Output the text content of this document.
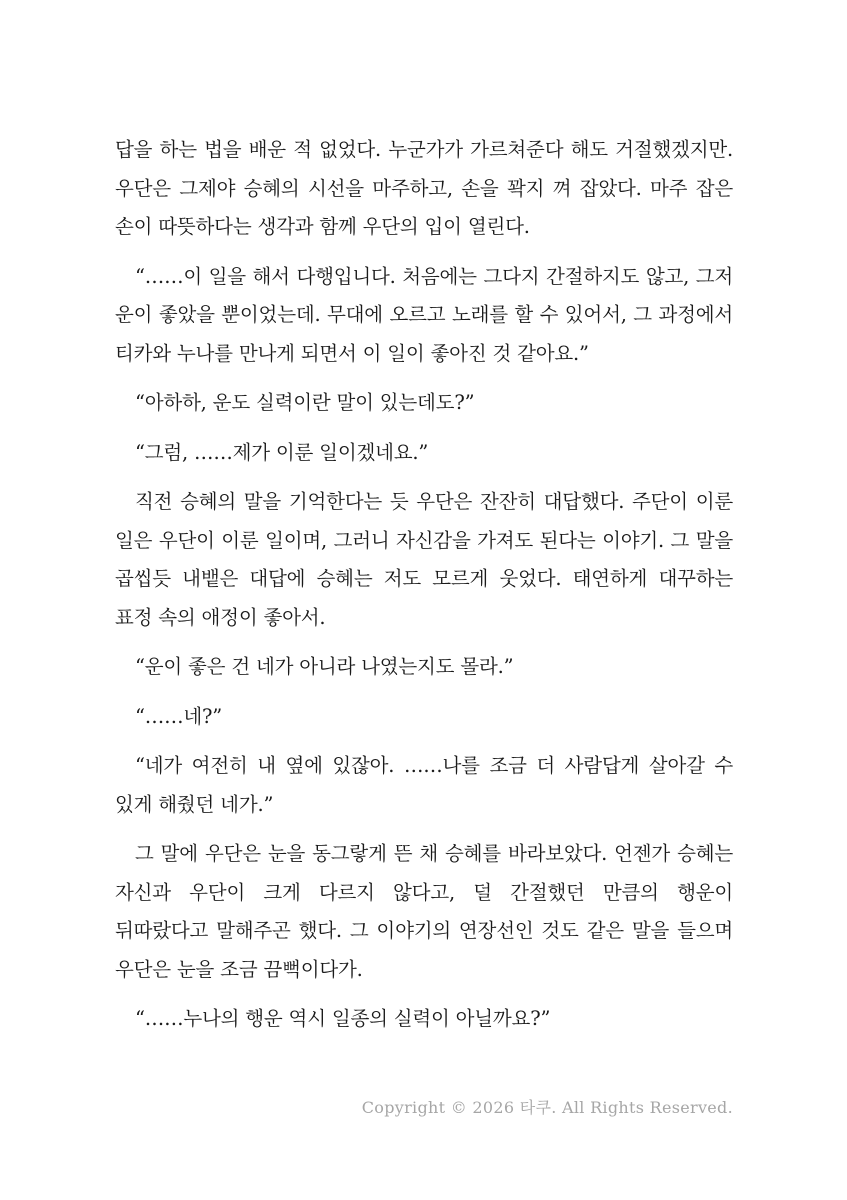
답을 하는 법을 배운 적 없었다. 누군가가 가르쳐준다 해도 거절했겠지만. 우단은 그제야 승혜의 시선을 마주하고, 손을 꽉지 껴 잡았다. 마주 잡은 손이 따뜻하다는 생각과 함께 우단의 입이 열린다.

“……이 일을 해서 다행입니다. 처음에는 그다지 간절하지도 않고, 그저 운이 좋았을 뿐이었는데. 무대에 오르고 노래를 할 수 있어서, 그 과정에서 티카와 누나를 만나게 되면서 이 일이 좋아진 것 같아요.”

“아하하, 운도 실력이란 말이 있는데도?”

“그럼, ……제가 이룬 일이겠네요.”

직전 승혜의 말을 기억한다는 듯 우단은 잔잔히 대답했다. 주단이 이룬 일은 우단이 이룬 일이며, 그러니 자신감을 가져도 된다는 이야기. 그 말을 곱씹듯 내뱉은 대답에 승혜는 저도 모르게 웃었다. 태연하게 대꾸하는 표정 속의 애정이 좋아서.

“운이 좋은 건 네가 아니라 나였는지도 몰라.”

“……네?”

“네가 여전히 내 옆에 있잖아. ……나를 조금 더 사람답게 살아갈 수 있게 해줬던 네가.”

그 말에 우단은 눈을 동그랗게 뜬 채 승혜를 바라보았다. 언젠가 승혜는 자신과 우단이 크게 다르지 않다고, 덜 간절했던 만큼의 행운이 뒤따랐다고 말해주곤 했다. 그 이야기의 연장선인 것도 같은 말을 들으며 우단은 눈을 조금 끔뻑이다가.

“……누나의 행운 역시 일종의 실력이 아닐까요?”

Copyright © 2026 타쿠. All Rights Reserved.
